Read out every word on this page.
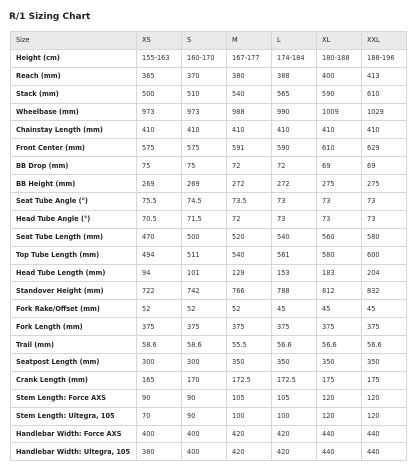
R/1 Sizing Chart
Size	XS	S	M	L	XL	XXL
Height (cm)	155-163	160-170	167-177	174-184	180-188	188-196
Reach (mm)	365	370	380	388	400	413
Stack (mm)	500	510	540	565	590	610
Wheelbase (mm)	973	973	988	990	1009	1029
Chainstay Length (mm)	410	410	410	410	410	410
Front Center (mm)	575	575	591	590	610	629
BB Drop (mm)	75	75	72	72	69	69
BB Height (mm)	269	269	272	272	275	275
Seat Tube Angle (°)	75.5	74.5	73.5	73	73	73
Head Tube Angle (°)	70.5	71.5	72	73	73	73
Seat Tube Length (mm)	470	500	520	540	560	580
Top Tube Length (mm)	494	511	540	561	580	600
Head Tube Length (mm)	94	101	129	153	183	204
Standover Height (mm)	722	742	766	788	812	832
Fork Rake/Offset (mm)	52	52	52	45	45	45
Fork Length (mm)	375	375	375	375	375	375
Trail (mm)	58.6	58.6	55.5	56.6	56.6	56.6
Seatpost Length (mm)	300	300	350	350	350	350
Crank Length (mm)	165	170	172.5	172.5	175	175
Stem Length: Force AXS	90	90	105	105	120	120
Stem Length: Ultegra, 105	70	90	100	100	120	120
Handlebar Width: Force AXS	400	400	420	420	440	440
Handlebar Width: Ultegra, 105	380	400	420	420	440	440
